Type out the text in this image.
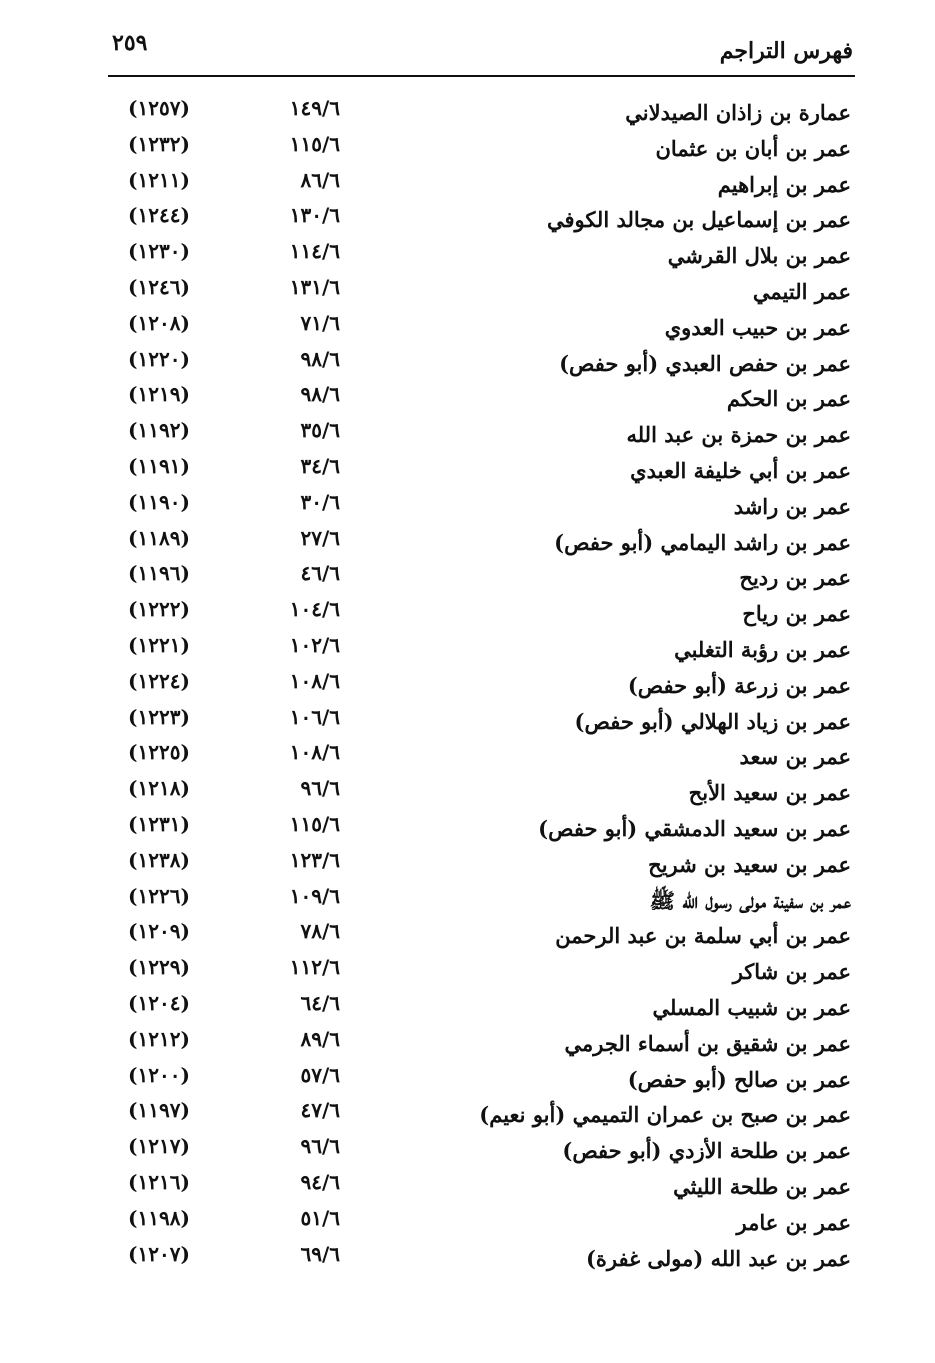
٢٥٩	فهرس التراجم
عمارة بن زاذان الصيدلاني
١٤٩/٦
(١٢٥٧)
عمر بن أبان بن عثمان
١١٥/٦
(١٢٣٢)
عمر بن إبراهيم
٨٦/٦
(١٢١١)
عمر بن إسماعيل بن مجالد الكوفي
١٣٠/٦
(١٢٤٤)
عمر بن بلال القرشي
١١٤/٦
(١٢٣٠)
عمر التيمي
١٣١/٦
(١٢٤٦)
عمر بن حبيب العدوي
٧١/٦
(١٢٠٨)
عمر بن حفص العبدي (أبو حفص)
٩٨/٦
(١٢٢٠)
عمر بن الحكم
٩٨/٦
(١٢١٩)
عمر بن حمزة بن عبد الله
٣٥/٦
(١١٩٢)
عمر بن أبي خليفة العبدي
٣٤/٦
(١١٩١)
عمر بن راشد
٣٠/٦
(١١٩٠)
عمر بن راشد اليمامي (أبو حفص)
٢٧/٦
(١١٨٩)
عمر بن رديح
٤٦/٦
(١١٩٦)
عمر بن رياح
١٠٤/٦
(١٢٢٢)
عمر بن رؤبة التغلبي
١٠٢/٦
(١٢٢١)
عمر بن زرعة (أبو حفص)
١٠٨/٦
(١٢٢٤)
عمر بن زياد الهلالي (أبو حفص)
١٠٦/٦
(١٢٢٣)
عمر بن سعد
١٠٨/٦
(١٢٢٥)
عمر بن سعيد الأبح
٩٦/٦
(١٢١٨)
عمر بن سعيد الدمشقي (أبو حفص)
١١٥/٦
(١٢٣١)
عمر بن سعيد بن شريح
١٢٣/٦
(١٢٣٨)
عمر بن سفينة مولى رسول الله ﷺ
١٠٩/٦
(١٢٢٦)
عمر بن أبي سلمة بن عبد الرحمن
٧٨/٦
(١٢٠٩)
عمر بن شاكر
١١٢/٦
(١٢٢٩)
عمر بن شبيب المسلي
٦٤/٦
(١٢٠٤)
عمر بن شقيق بن أسماء الجرمي
٨٩/٦
(١٢١٢)
عمر بن صالح (أبو حفص)
٥٧/٦
(١٢٠٠)
عمر بن صبح بن عمران التميمي (أبو نعيم)
٤٧/٦
(١١٩٧)
عمر بن طلحة الأزدي (أبو حفص)
٩٦/٦
(١٢١٧)
عمر بن طلحة الليثي
٩٤/٦
(١٢١٦)
عمر بن عامر
٥١/٦
(١١٩٨)
عمر بن عبد الله (مولى غفرة)
٦٩/٦
(١٢٠٧)
